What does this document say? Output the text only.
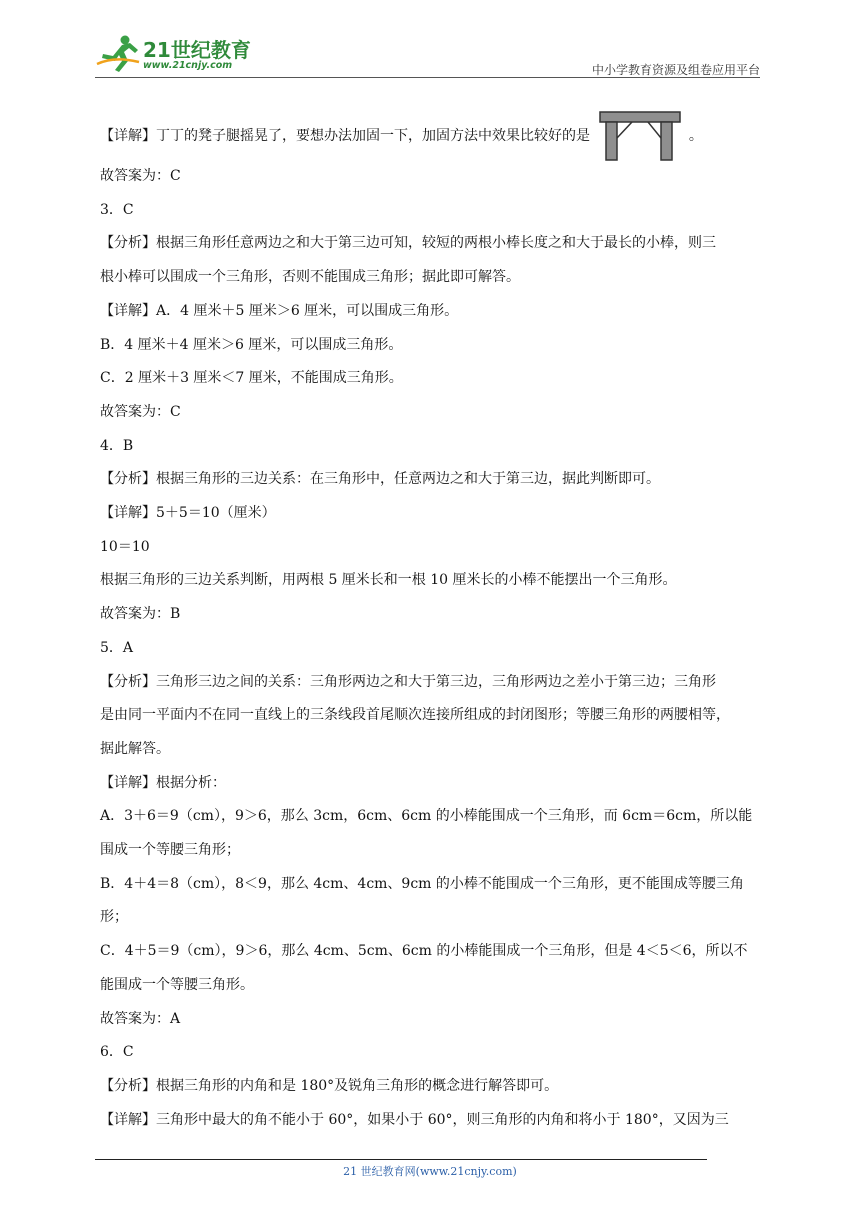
21世纪教育
www.21cnjy.com	中小学教育资源及组卷应用平台
【详解】丁丁的凳子腿摇晃了，要想办法加固一下，加固方法中效果比较好的是	。
故答案为：C
3．C
【分析】根据三角形任意两边之和大于第三边可知，较短的两根小棒长度之和大于最长的小棒，则三
根小棒可以围成一个三角形，否则不能围成三角形；据此即可解答。
【详解】A．4 厘米＋5 厘米＞6 厘米，可以围成三角形。
B．4 厘米＋4 厘米＞6 厘米，可以围成三角形。
C．2 厘米＋3 厘米＜7 厘米，不能围成三角形。
故答案为：C
4．B
【分析】根据三角形的三边关系：在三角形中，任意两边之和大于第三边，据此判断即可。
【详解】5＋5＝10（厘米）
10＝10
根据三角形的三边关系判断，用两根 5 厘米长和一根 10 厘米长的小棒不能摆出一个三角形。
故答案为：B
5．A
【分析】三角形三边之间的关系：三角形两边之和大于第三边，三角形两边之差小于第三边；三角形
是由同一平面内不在同一直线上的三条线段首尾顺次连接所组成的封闭图形；等腰三角形的两腰相等，
据此解答。
【详解】根据分析：
A．3＋6＝9（cm），9＞6，那么 3cm，6cm、6cm 的小棒能围成一个三角形，而 6cm＝6cm，所以能
围成一个等腰三角形；
B．4＋4＝8（cm），8＜9，那么 4cm、4cm、9cm 的小棒不能围成一个三角形，更不能围成等腰三角
形；
C．4＋5＝9（cm），9＞6，那么 4cm、5cm、6cm 的小棒能围成一个三角形，但是 4＜5＜6，所以不
能围成一个等腰三角形。
故答案为：A
6．C
【分析】根据三角形的内角和是 180°及锐角三角形的概念进行解答即可。
【详解】三角形中最大的角不能小于 60°，如果小于 60°，则三角形的内角和将小于 180°，又因为三
21 世纪教育网(www.21cnjy.com)
